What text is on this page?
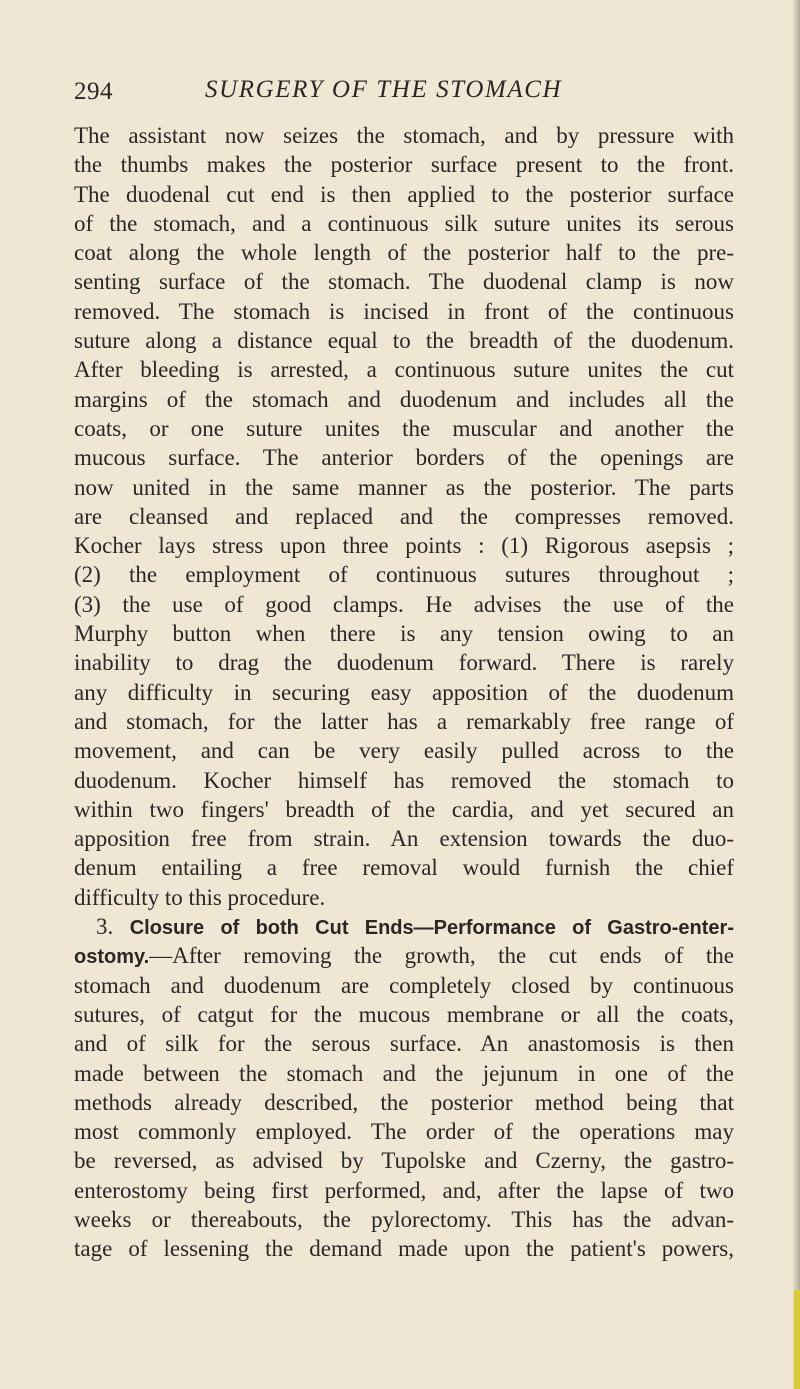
294	SURGERY OF THE STOMACH
The assistant now seizes the stomach, and by pressure with
the thumbs makes the posterior surface present to the front.
The duodenal cut end is then applied to the posterior surface
of the stomach, and a continuous silk suture unites its serous
coat along the whole length of the posterior half to the pre-
senting surface of the stomach. The duodenal clamp is now
removed. The stomach is incised in front of the continuous
suture along a distance equal to the breadth of the duodenum.
After bleeding is arrested, a continuous suture unites the cut
margins of the stomach and duodenum and includes all the
coats, or one suture unites the muscular and another the
mucous surface. The anterior borders of the openings are
now united in the same manner as the posterior. The parts
are cleansed and replaced and the compresses removed.
Kocher lays stress upon three points : (1) Rigorous asepsis ;
(2) the employment of continuous sutures throughout ;
(3) the use of good clamps. He advises the use of the
Murphy button when there is any tension owing to an
inability to drag the duodenum forward. There is rarely
any difficulty in securing easy apposition of the duodenum
and stomach, for the latter has a remarkably free range of
movement, and can be very easily pulled across to the
duodenum. Kocher himself has removed the stomach to
within two fingers' breadth of the cardia, and yet secured an
apposition free from strain. An extension towards the duo-
denum entailing a free removal would furnish the chief
difficulty to this procedure.
3. Closure of both Cut Ends—Performance of Gastro-enter-
ostomy.—After removing the growth, the cut ends of the
stomach and duodenum are completely closed by continuous
sutures, of catgut for the mucous membrane or all the coats,
and of silk for the serous surface. An anastomosis is then
made between the stomach and the jejunum in one of the
methods already described, the posterior method being that
most commonly employed. The order of the operations may
be reversed, as advised by Tupolske and Czerny, the gastro-
enterostomy being first performed, and, after the lapse of two
weeks or thereabouts, the pylorectomy. This has the advan-
tage of lessening the demand made upon the patient's powers,
